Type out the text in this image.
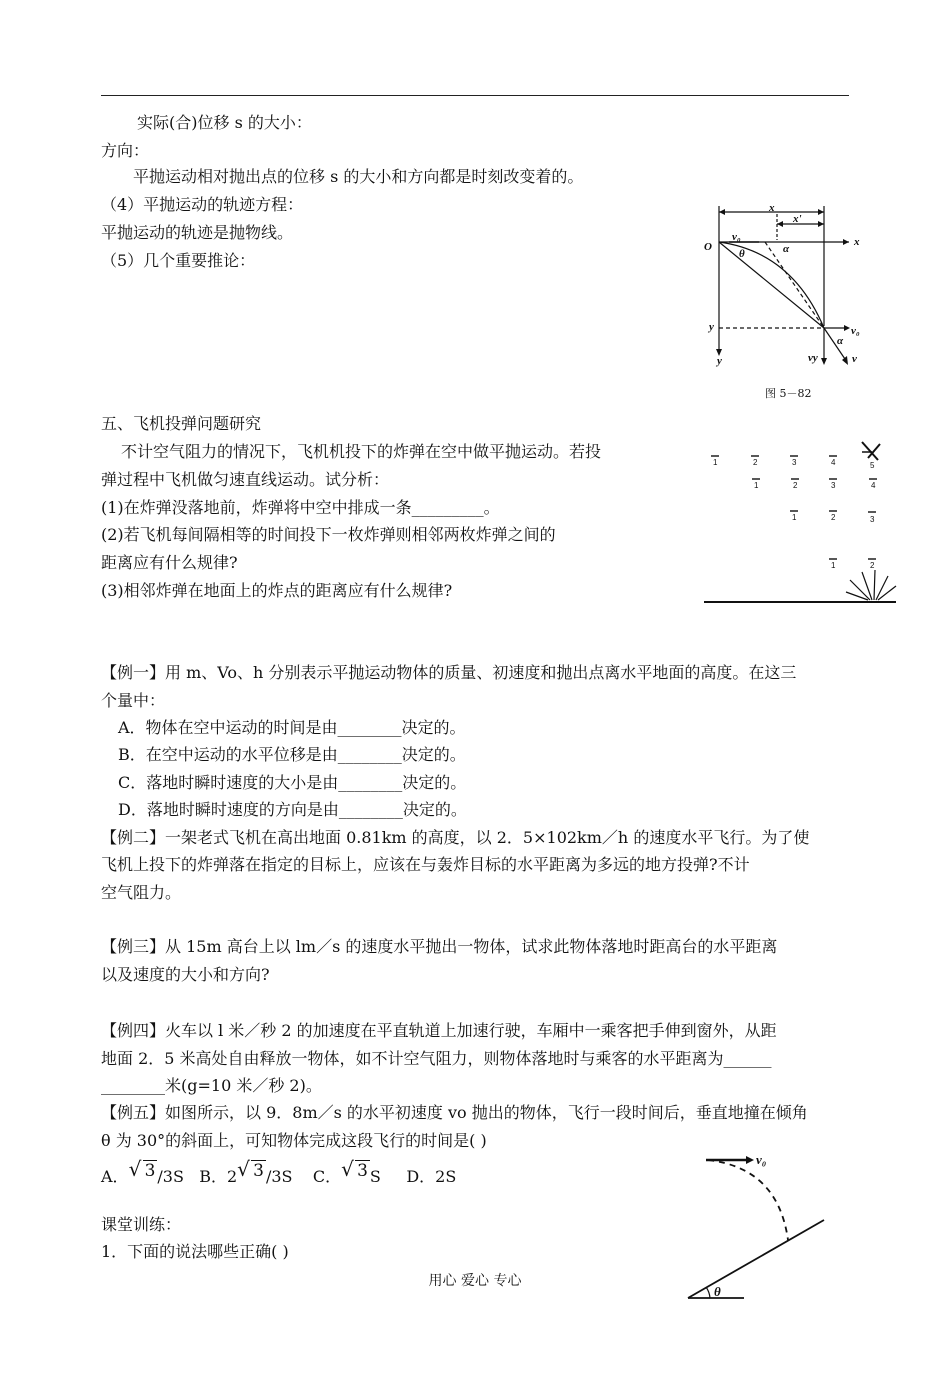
实际(合)位移 s 的大小：
方向：
平抛运动相对抛出点的位移 s 的大小和方向都是时刻改变着的。
（4）平抛运动的轨迹方程：
平抛运动的轨迹是抛物线。
（5）几个重要推论：
x
x'
O
v₀
θ	α
x
y
y
v₀
vy	v
α
图 5－82
五、飞机投弹问题研究
不计空气阻力的情况下，飞机机投下的炸弹在空中做平抛运动。若投
弹过程中飞机做匀速直线运动。试分析：
(1)在炸弹没落地前，炸弹将中空中排成一条_________。
(2)若飞机每间隔相等的时间投下一枚炸弹则相邻两枚炸弹之间的
距离应有什么规律?
(3)相邻炸弹在地面上的炸点的距离应有什么规律?
1	2	3	4	5
1	2	3	4
1	2	3
1	2
【例一】用 m、Vo、h 分别表示平抛运动物体的质量、初速度和抛出点离水平地面的高度。在这三
个量中：
A．物体在空中运动的时间是由________决定的。
B．在空中运动的水平位移是由________决定的。
C．落地时瞬时速度的大小是由________决定的。
D．落地时瞬时速度的方向是由________决定的。
【例二】一架老式飞机在高出地面 0.81km 的高度，以 2．5×102km／h 的速度水平飞行。为了使
飞机上投下的炸弹落在指定的目标上，应该在与轰炸目标的水平距离为多远的地方投弹?不计
空气阻力。
【例三】从 15m 高台上以 lm／s 的速度水平抛出一物体，试求此物体落地时距高台的水平距离
以及速度的大小和方向?
【例四】火车以 l 米／秒 2 的加速度在平直轨道上加速行驶，车厢中一乘客把手伸到窗外，从距
地面 2．5 米高处自由释放一物体，如不计空气阻力，则物体落地时与乘客的水平距离为______
________米(g=10 米／秒 2)。
【例五】如图所示，以 9．8m／s 的水平初速度 vo 抛出的物体，飞行一段时间后，垂直地撞在倾角
θ 为 30°的斜面上，可知物体完成这段飞行的时间是( )
A． √ 3 /3S B．2 √ 3 /3S C． √ 3 S D．2S
v₀
θ
课堂训练：
1．下面的说法哪些正确( )
用心 爱心 专心
